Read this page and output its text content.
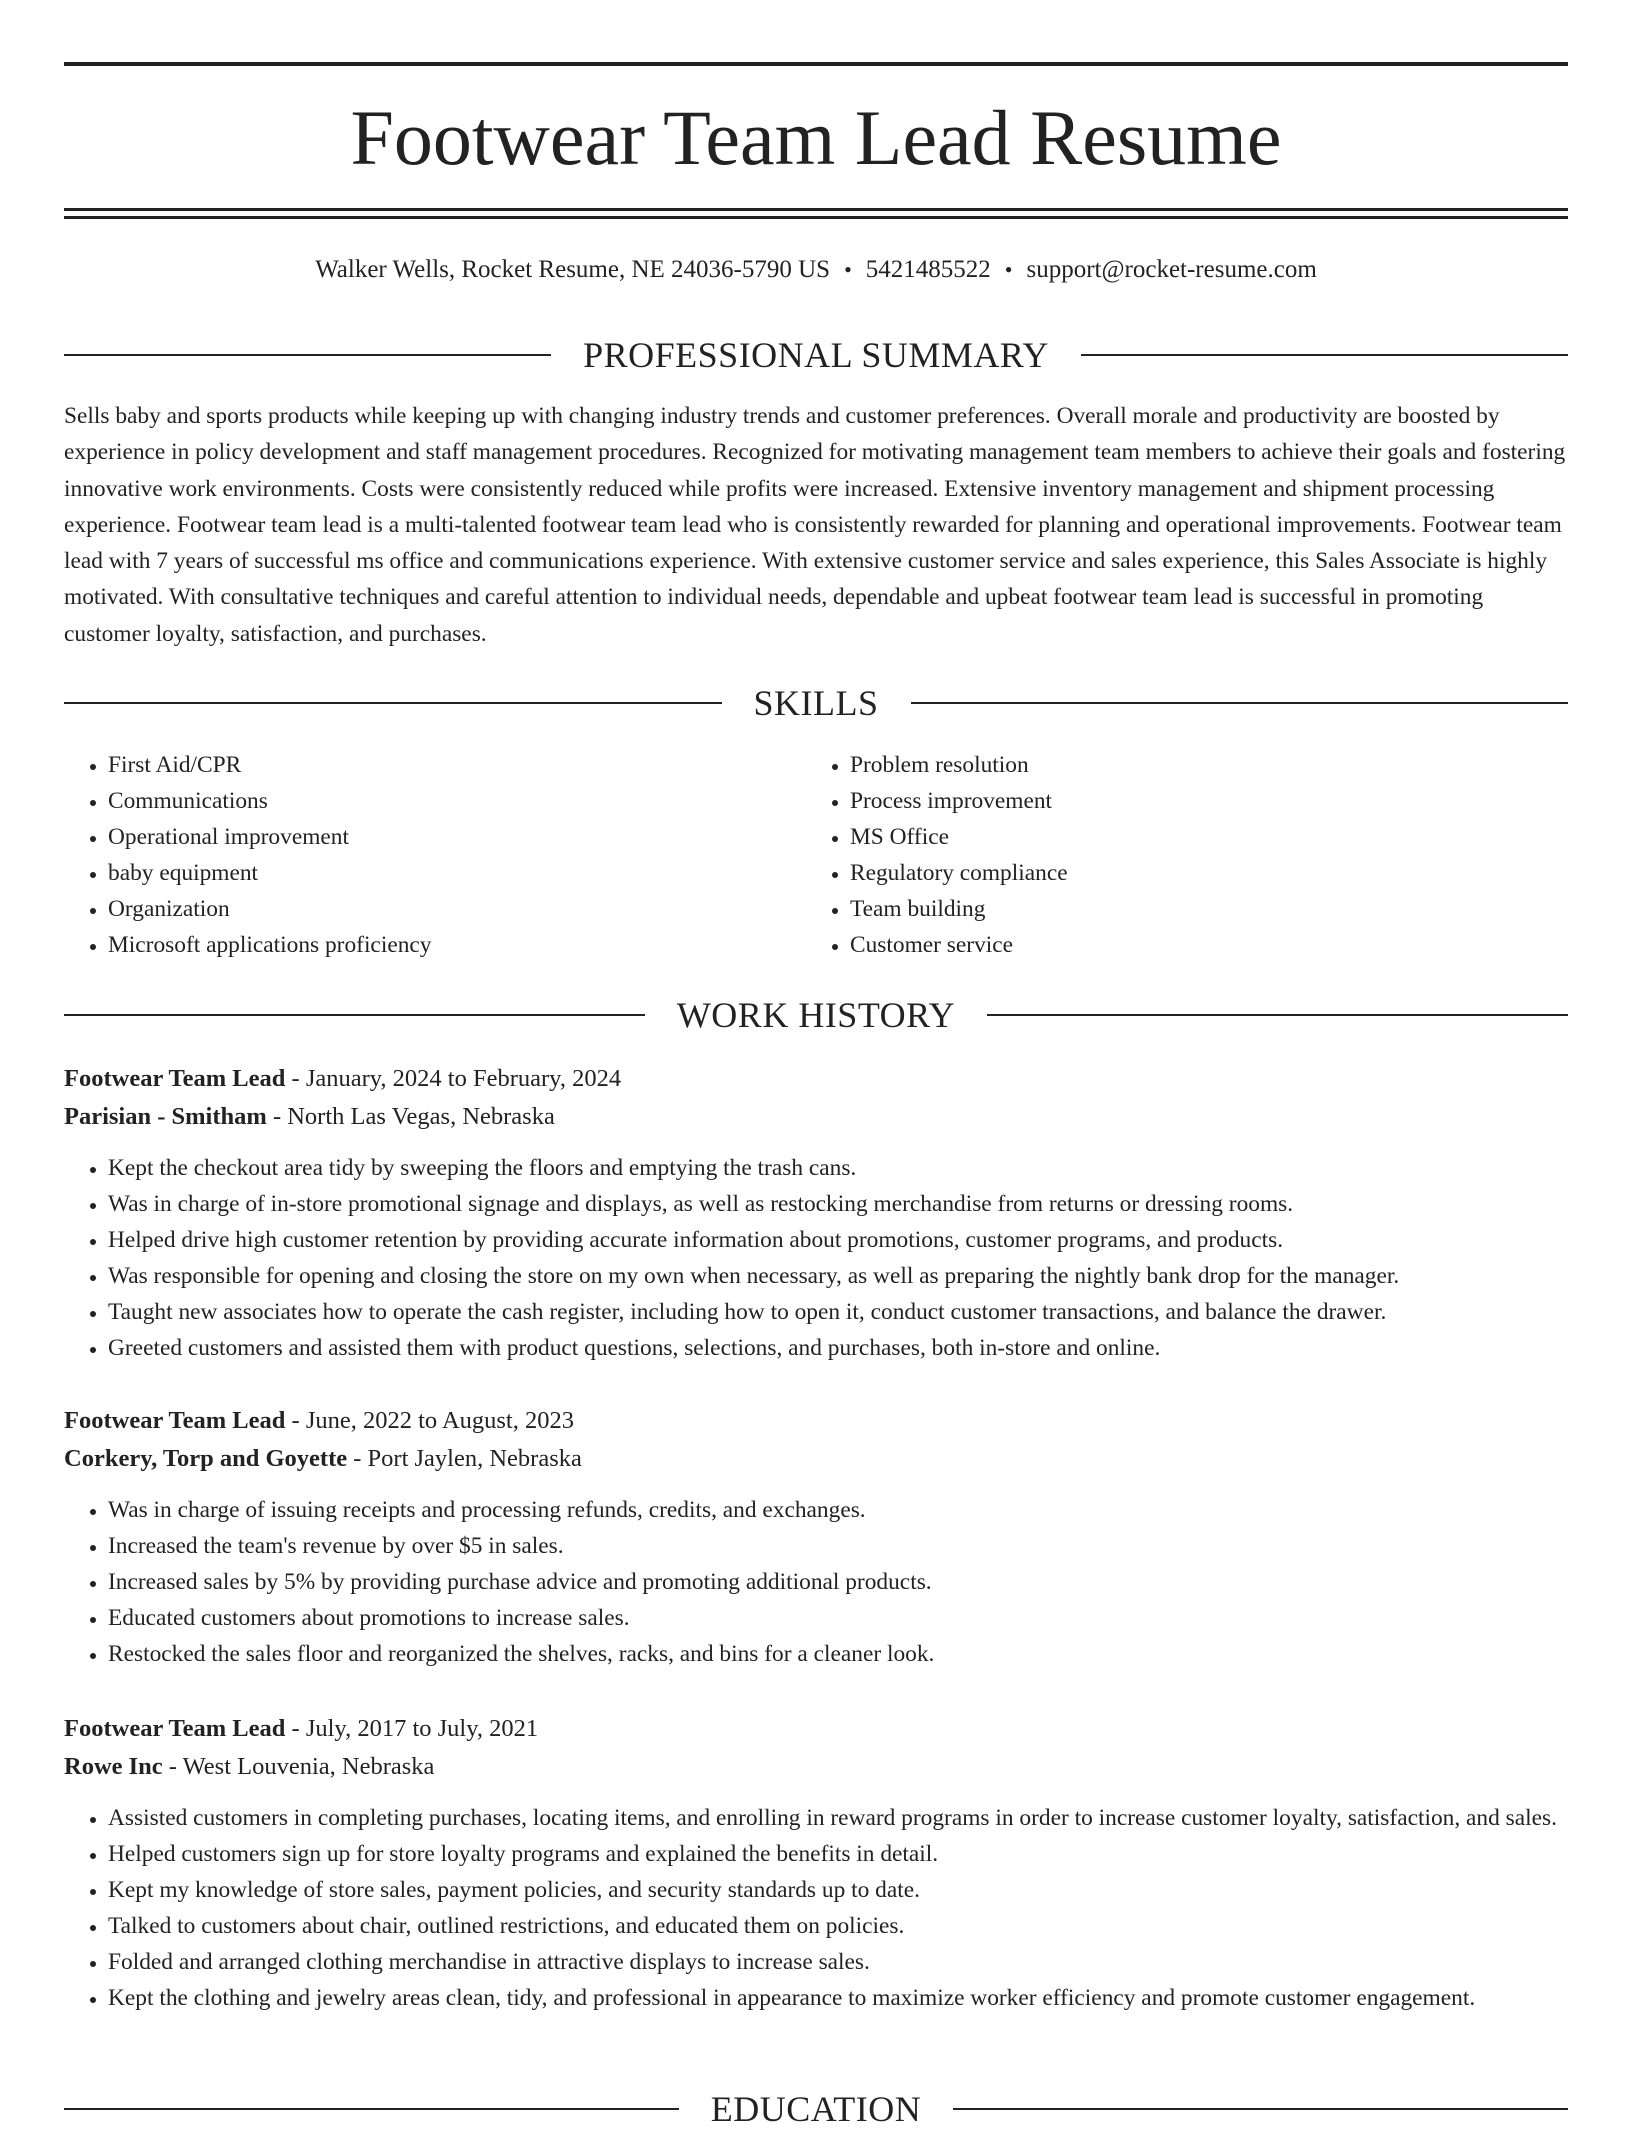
Footwear Team Lead Resume
Walker Wells, Rocket Resume, NE 24036-5790 US • 5421485522 • support@rocket-resume.com
PROFESSIONAL SUMMARY

Sells baby and sports products while keeping up with changing industry trends and customer preferences. Overall morale and productivity are boosted by experience in policy development and staff management procedures. Recognized for motivating management team members to achieve their goals and fostering innovative work environments. Costs were consistently reduced while profits were increased. Extensive inventory management and shipment processing experience. Footwear team lead is a multi-talented footwear team lead who is consistently rewarded for planning and operational improvements. Footwear team lead with 7 years of successful ms office and communications experience. With extensive customer service and sales experience, this Sales Associate is highly motivated. With consultative techniques and careful attention to individual needs, dependable and upbeat footwear team lead is successful in promoting customer loyalty, satisfaction, and purchases.

SKILLS
• First Aid/CPR
• Communications
• Operational improvement
• baby equipment
• Organization
• Microsoft applications proficiency
• Problem resolution
• Process improvement
• MS Office
• Regulatory compliance
• Team building
• Customer service
WORK HISTORY
Footwear Team Lead - January, 2024 to February, 2024
Parisian - Smitham - North Las Vegas, Nebraska
• Kept the checkout area tidy by sweeping the floors and emptying the trash cans.
• Was in charge of in-store promotional signage and displays, as well as restocking merchandise from returns or dressing rooms.
• Helped drive high customer retention by providing accurate information about promotions, customer programs, and products.
• Was responsible for opening and closing the store on my own when necessary, as well as preparing the nightly bank drop for the manager.
• Taught new associates how to operate the cash register, including how to open it, conduct customer transactions, and balance the drawer.
• Greeted customers and assisted them with product questions, selections, and purchases, both in-store and online.
Footwear Team Lead - June, 2022 to August, 2023
Corkery, Torp and Goyette - Port Jaylen, Nebraska
• Was in charge of issuing receipts and processing refunds, credits, and exchanges.
• Increased the team's revenue by over $5 in sales.
• Increased sales by 5% by providing purchase advice and promoting additional products.
• Educated customers about promotions to increase sales.
• Restocked the sales floor and reorganized the shelves, racks, and bins for a cleaner look.
Footwear Team Lead - July, 2017 to July, 2021
Rowe Inc - West Louvenia, Nebraska
• Assisted customers in completing purchases, locating items, and enrolling in reward programs in order to increase customer loyalty, satisfaction, and sales.
• Helped customers sign up for store loyalty programs and explained the benefits in detail.
• Kept my knowledge of store sales, payment policies, and security standards up to date.
• Talked to customers about chair, outlined restrictions, and educated them on policies.
• Folded and arranged clothing merchandise in attractive displays to increase sales.
• Kept the clothing and jewelry areas clean, tidy, and professional in appearance to maximize worker efficiency and promote customer engagement.
EDUCATION
